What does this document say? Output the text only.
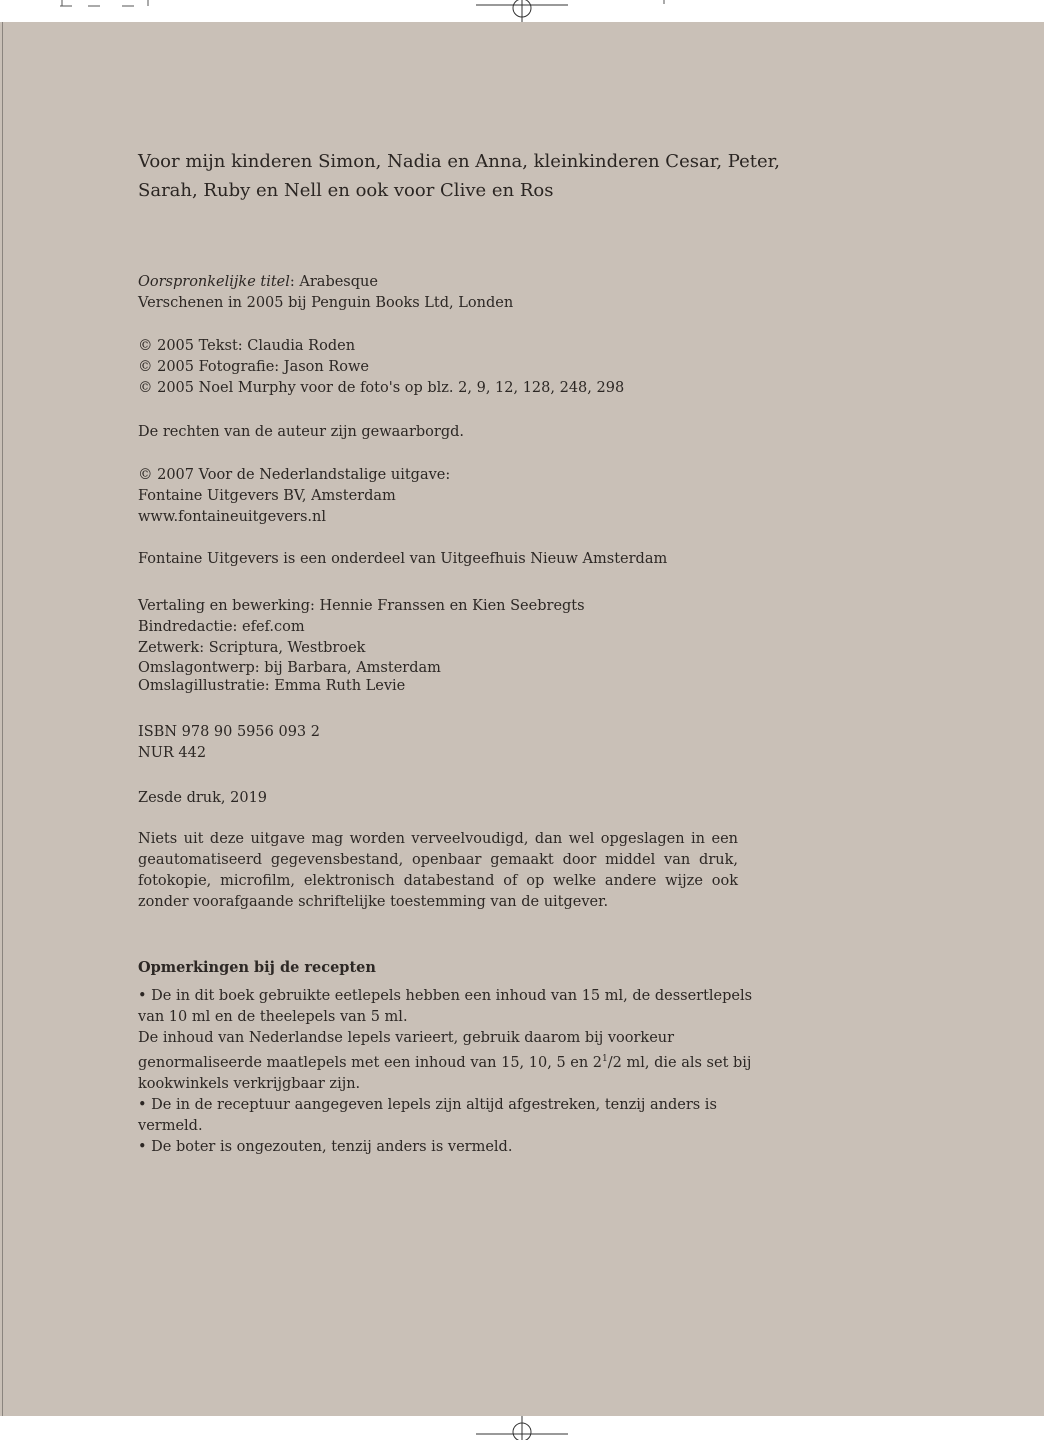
Voor mijn kinderen Simon, Nadia en Anna, kleinkinderen Cesar, Peter,
Sarah, Ruby en Nell en ook voor Clive en Ros
Oorspronkelijke titel: Arabesque
Verschenen in 2005 bij Penguin Books Ltd, Londen
© 2005 Tekst: Claudia Roden
© 2005 Fotografie: Jason Rowe
© 2005 Noel Murphy voor de foto's op blz. 2, 9, 12, 128, 248, 298
De rechten van de auteur zijn gewaarborgd.
© 2007 Voor de Nederlandstalige uitgave:
Fontaine Uitgevers BV, Amsterdam
www.fontaineuitgevers.nl
Fontaine Uitgevers is een onderdeel van Uitgeefhuis Nieuw Amsterdam
Vertaling en bewerking: Hennie Franssen en Kien Seebregts
Bindredactie: efef.com
Zetwerk: Scriptura, Westbroek
Omslagontwerp: bij Barbara, Amsterdam
Omslagillustratie: Emma Ruth Levie
ISBN 978 90 5956 093 2
NUR 442
Zesde druk, 2019
Niets uit deze uitgave mag worden verveelvoudigd, dan wel opgeslagen in een geautomatiseerd gegevensbestand, openbaar gemaakt door middel van druk, fotokopie, microfilm, elektronisch databestand of op welke andere wijze ook zonder voorafgaande schriftelijke toestemming van de uitgever.
Opmerkingen bij de recepten
• De in dit boek gebruikte eetlepels hebben een inhoud van 15 ml, de dessertlepels
van 10 ml en de theelepels van 5 ml.
De inhoud van Nederlandse lepels varieert, gebruik daarom bij voorkeur
genormaliseerde maatlepels met een inhoud van 15, 10, 5 en $2^1/2$ ml, die als set bij
kookwinkels verkrijgbaar zijn.
• De in de receptuur aangegeven lepels zijn altijd afgestreken, tenzij anders is
vermeld.
• De boter is ongezouten, tenzij anders is vermeld.
